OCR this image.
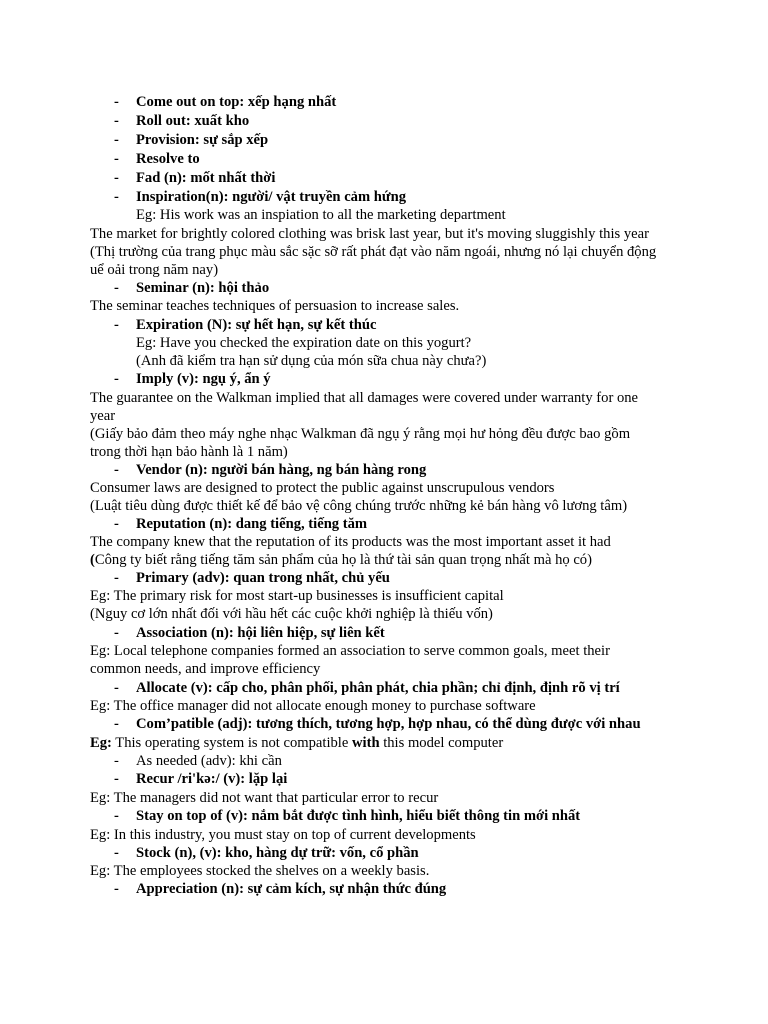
-	Come out on top: xếp hạng nhất
-	Roll out: xuất kho
-	Provision: sự sắp xếp
-	Resolve to
-	Fad (n): mốt nhất thời
-	Inspiration(n): người/ vật truyền cảm hứng
Eg: His work was an inspiation to all the marketing department
The market for brightly colored clothing was brisk last year, but it's moving sluggishly this year
(Thị trường của trang phục màu sắc sặc sỡ rất phát đạt vào năm ngoái, nhưng nó lại chuyển động
uể oải trong năm nay)
-	Seminar (n): hội thảo
The seminar teaches techniques of persuasion to increase sales.
-	Expiration (N): sự hết hạn, sự kết thúc
Eg: Have you checked the expiration date on this yogurt?
(Anh đã kiểm tra hạn sử dụng của món sữa chua này chưa?)
-	Imply (v): ngụ ý, ẩn ý
The guarantee on the Walkman implied that all damages were covered under warranty for one
year
(Giấy bảo đảm theo máy nghe nhạc Walkman đã ngụ ý rằng mọi hư hỏng đều được bao gồm
trong thời hạn bảo hành là 1 năm)
-	Vendor (n): người bán hàng, ng bán hàng rong
Consumer laws are designed to protect the public against unscrupulous vendors
(Luật tiêu dùng được thiết kế để bảo vệ công chúng trước những kẻ bán hàng vô lương tâm)
-	Reputation (n): dang tiếng, tiếng tăm
The company knew that the reputation of its products was the most important asset it had
(Công ty biết rằng tiếng tăm sản phẩm của họ là thứ tài sản quan trọng nhất mà họ có)
-	Primary (adv): quan trong nhất, chủ yếu
Eg: The primary risk for most start-up businesses is insufficient capital
(Nguy cơ lớn nhất đối với hầu hết các cuộc khởi nghiệp là thiếu vốn)
-	Association (n): hội liên hiệp, sự liên kết
Eg: Local telephone companies formed an association to serve common goals, meet their
common needs, and improve efficiency
-	Allocate (v): cấp cho, phân phối, phân phát, chia phần; chỉ định, định rõ vị trí
Eg: The office manager did not allocate enough money to purchase software
-	Com’patible (adj): tương thích, tương hợp, hợp nhau, có thể dùng được với nhau
Eg: This operating system is not compatible with this model computer
- As needed (adv): khi cần
-	Recur /ri'kə:/ (v): lặp lại
Eg: The managers did not want that particular error to recur
-	Stay on top of (v): nắm bắt được tình hình, hiểu biết thông tin mới nhất
Eg: In this industry, you must stay on top of current developments
-	Stock (n), (v): kho, hàng dự trữ: vốn, cổ phần
Eg: The employees stocked the shelves on a weekly basis.
-	Appreciation (n): sự cảm kích, sự nhận thức đúng
